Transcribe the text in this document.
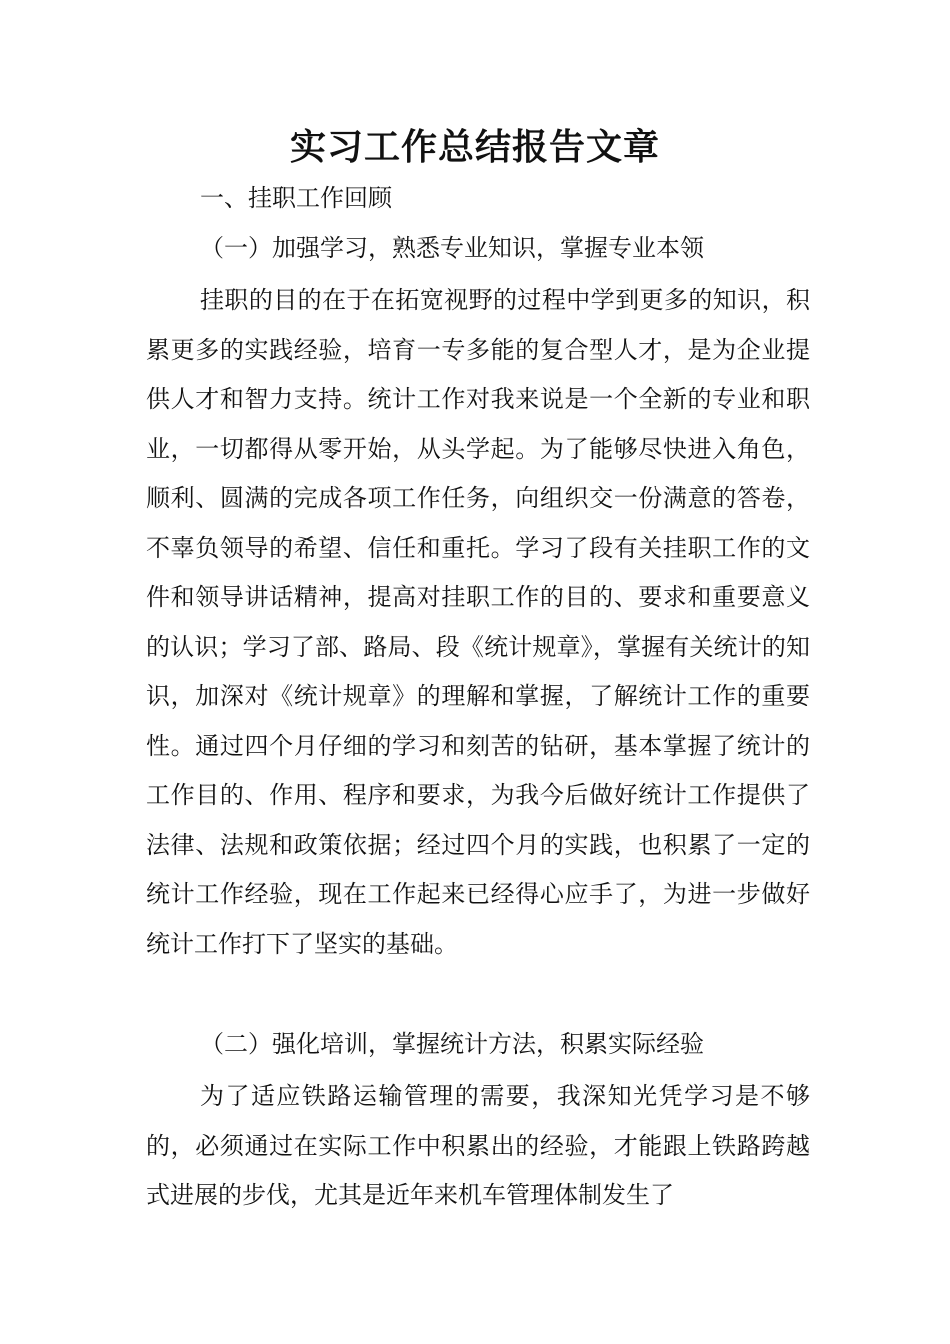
实习工作总结报告文章
一、挂职工作回顾
（一）加强学习，熟悉专业知识，掌握专业本领
挂职的目的在于在拓宽视野的过程中学到更多的知识，积累更多的实践经验，培育一专多能的复合型人才，是为企业提供人才和智力支持。统计工作对我来说是一个全新的专业和职业，一切都得从零开始，从头学起。为了能够尽快进入角色，顺利、圆满的完成各项工作任务，向组织交一份满意的答卷，不辜负领导的希望、信任和重托。学习了段有关挂职工作的文件和领导讲话精神，提高对挂职工作的目的、要求和重要意义的认识；学习了部、路局、段《统计规章》，掌握有关统计的知识，加深对《统计规章》的理解和掌握，了解统计工作的重要性。通过四个月仔细的学习和刻苦的钻研，基本掌握了统计的工作目的、作用、程序和要求，为我今后做好统计工作提供了法律、法规和政策依据；经过四个月的实践，也积累了一定的统计工作经验，现在工作起来已经得心应手了，为进一步做好统计工作打下了坚实的基础。
（二）强化培训，掌握统计方法，积累实际经验
为了适应铁路运输管理的需要，我深知光凭学习是不够的，必须通过在实际工作中积累出的经验，才能跟上铁路跨越式进展的步伐，尤其是近年来机车管理体制发生了
